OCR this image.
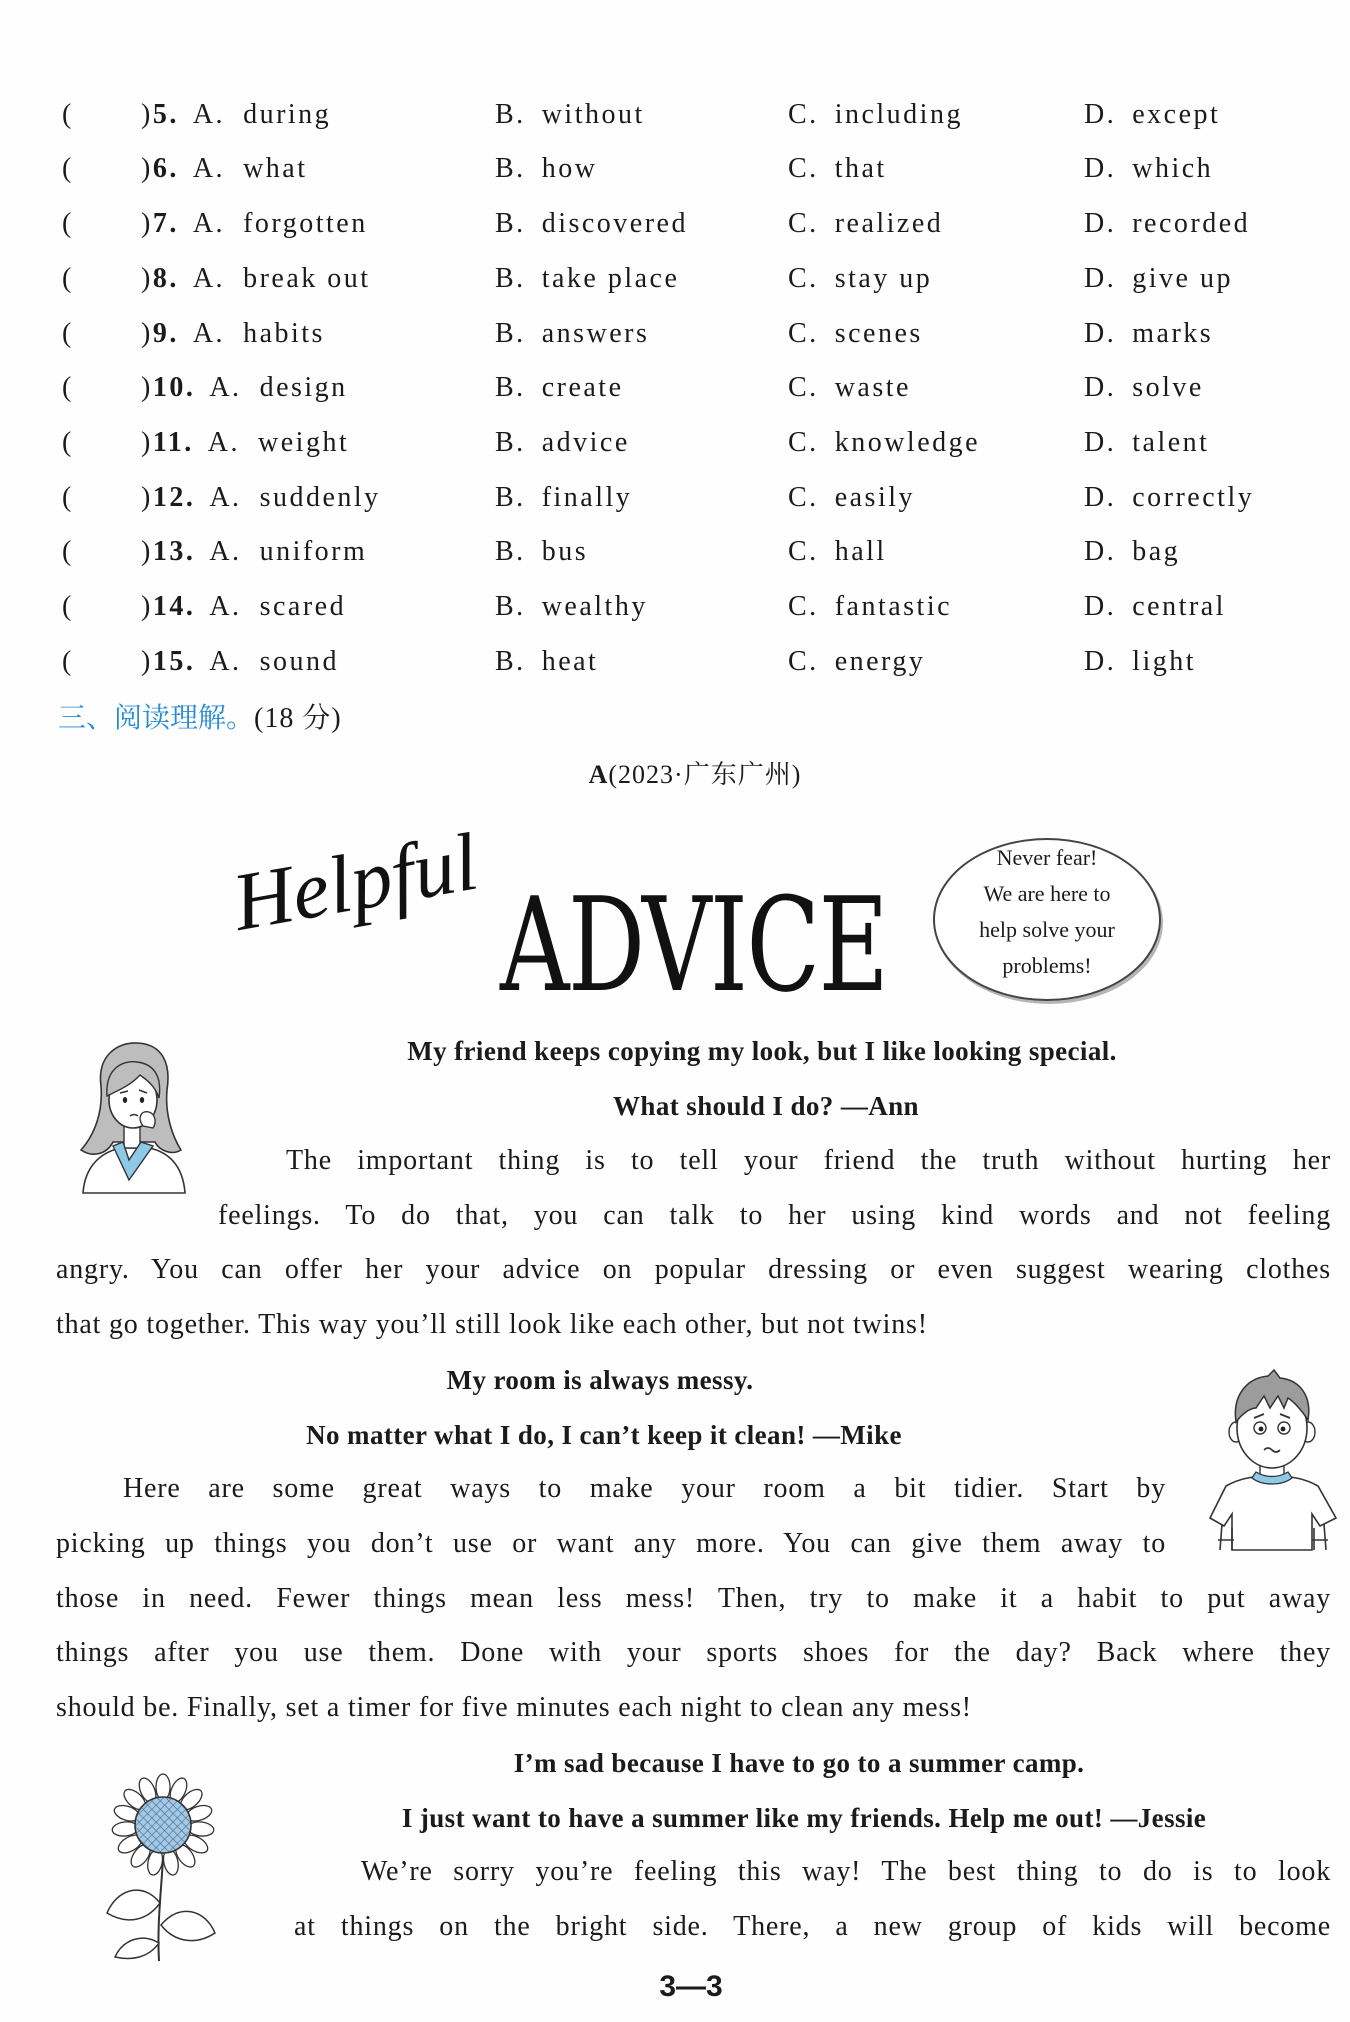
( ) 5. A. during	B. without	C. including	D. except
( ) 6. A. what	B. how	C. that	D. which
( ) 7. A. forgotten	B. discovered	C. realized	D. recorded
( ) 8. A. break out	B. take place	C. stay up	D. give up
( ) 9. A. habits	B. answers	C. scenes	D. marks
( ) 10. A. design	B. create	C. waste	D. solve
( ) 11. A. weight	B. advice	C. knowledge	D. talent
( ) 12. A. suddenly	B. finally	C. easily	D. correctly
( ) 13. A. uniform	B. bus	C. hall	D. bag
( ) 14. A. scared	B. wealthy	C. fantastic	D. central
( ) 15. A. sound	B. heat	C. energy	D. light
三、阅读理解。(18 分)
A(2023·广东广州)
Helpful ADVICE
Never fear!
We are here to
help solve your
problems!
My friend keeps copying my look, but I like looking special.
What should I do? —Ann
The important thing is to tell your friend the truth without hurting her
feelings. To do that, you can talk to her using kind words and not feeling
angry. You can offer her your advice on popular dressing or even suggest wearing clothes
that go together. This way you’ll still look like each other, but not twins!
My room is always messy.
No matter what I do, I can’t keep it clean! —Mike
Here are some great ways to make your room a bit tidier. Start by
picking up things you don’t use or want any more. You can give them away to
those in need. Fewer things mean less mess! Then, try to make it a habit to put away
things after you use them. Done with your sports shoes for the day? Back where they
should be. Finally, set a timer for five minutes each night to clean any mess!
I’m sad because I have to go to a summer camp.
I just want to have a summer like my friends. Help me out! —Jessie
We’re sorry you’re feeling this way! The best thing to do is to look
at things on the bright side. There, a new group of kids will become
3—3
